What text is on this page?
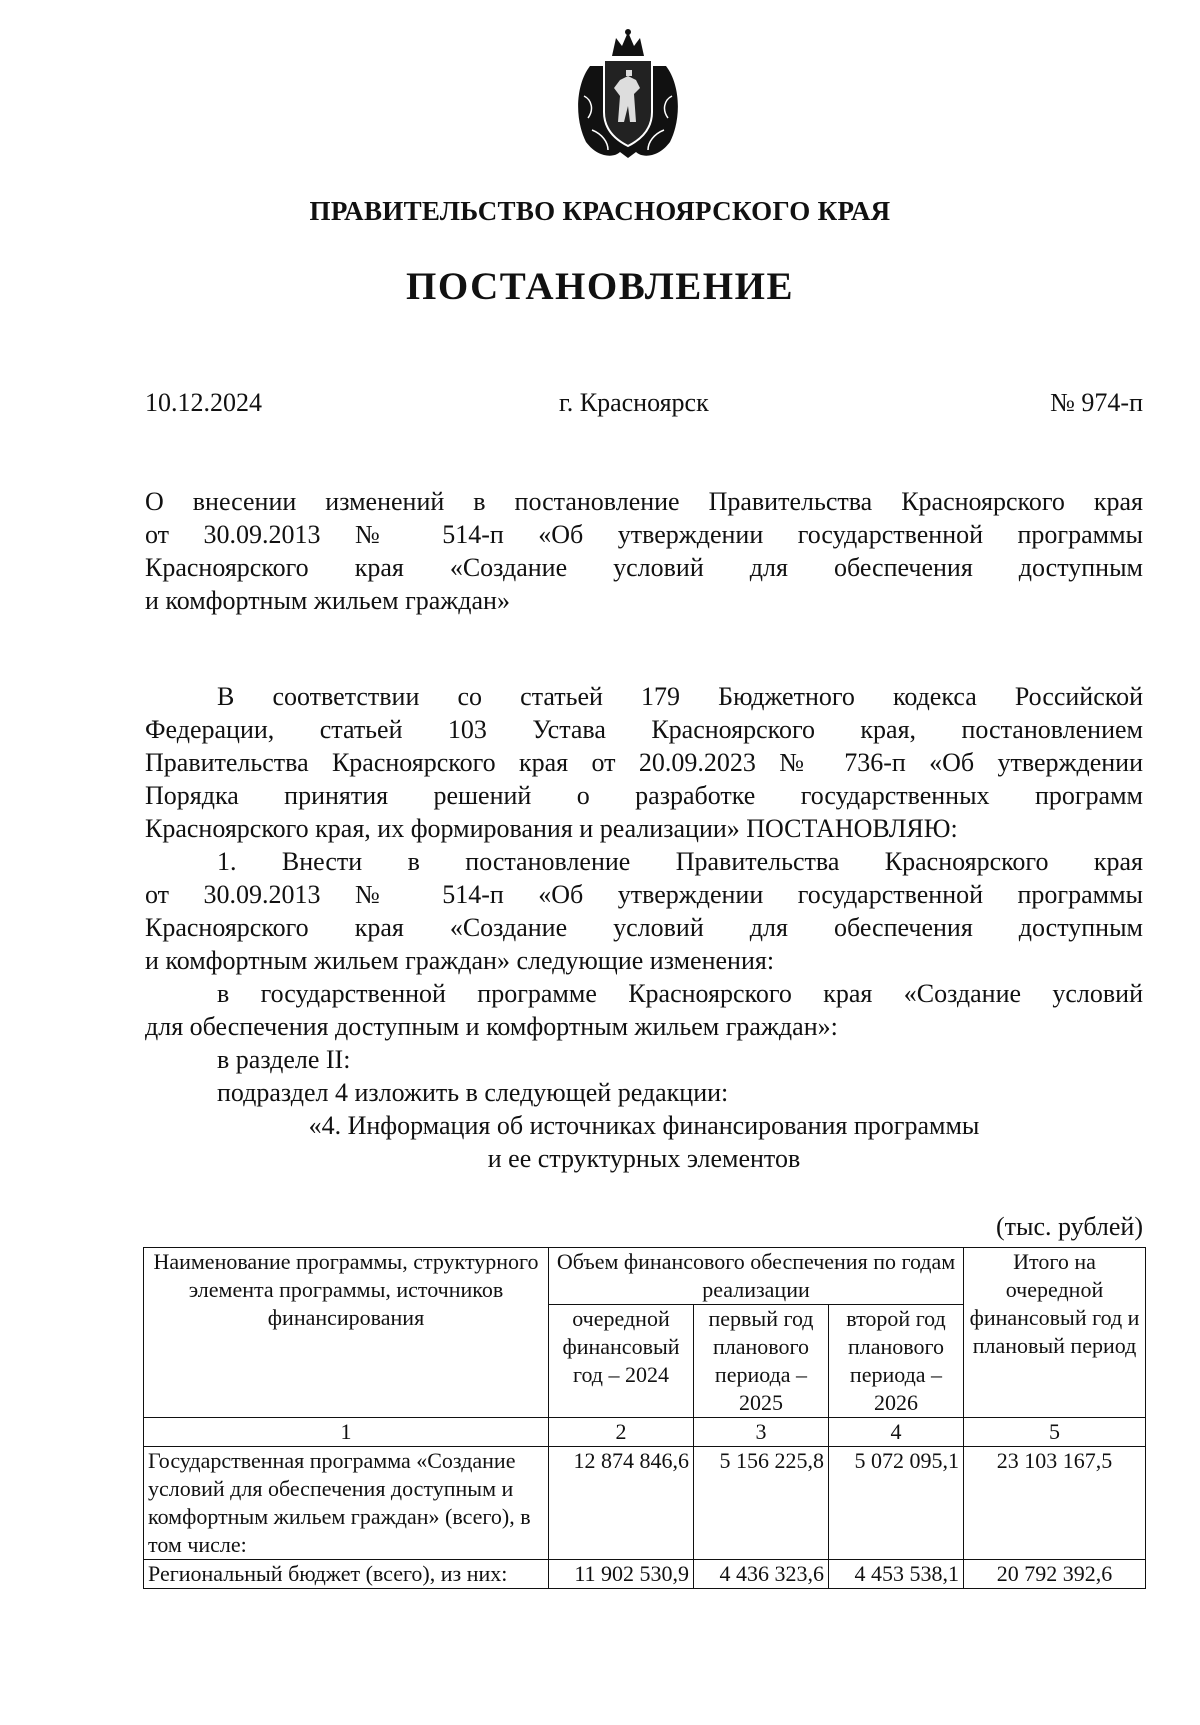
ПРАВИТЕЛЬСТВО КРАСНОЯРСКОГО КРАЯ
ПОСТАНОВЛЕНИЕ
10.12.2024	г. Красноярск	№ 974-п
О внесении изменений в постановление Правительства Красноярского края
от 30.09.2013 № 514-п «Об утверждении государственной программы
Красноярского края «Создание условий для обеспечения доступным
и комфортным жильем граждан»
В соответствии со статьей 179 Бюджетного кодекса Российской
Федерации, статьей 103 Устава Красноярского края, постановлением
Правительства Красноярского края от 20.09.2023 № 736-п «Об утверждении
Порядка принятия решений о разработке государственных программ
Красноярского края, их формирования и реализации» ПОСТАНОВЛЯЮ:
1. Внести в постановление Правительства Красноярского края
от 30.09.2013 № 514-п «Об утверждении государственной программы
Красноярского края «Создание условий для обеспечения доступным
и комфортным жильем граждан» следующие изменения:
в государственной программе Красноярского края «Создание условий
для обеспечения доступным и комфортным жильем граждан»:
в разделе II:
подраздел 4 изложить в следующей редакции:
«4. Информация об источниках финансирования программы
и ее структурных элементов
(тыс. рублей)
Наименование программы, структурного элемента программы, источников финансирования	Объем финансового обеспечения по годам реализации			Итого на очередной финансовый год и плановый период
	очередной финансовый год – 2024	первый год планового периода – 2025	второй год планового периода – 2026	
1	2	3	4	5
Государственная программа «Создание условий для обеспечения доступным и комфортным жильем граждан» (всего), в том числе:	12 874 846,6	5 156 225,8	5 072 095,1	23 103 167,5
Региональный бюджет (всего), из них:	11 902 530,9	4 436 323,6	4 453 538,1	20 792 392,6
